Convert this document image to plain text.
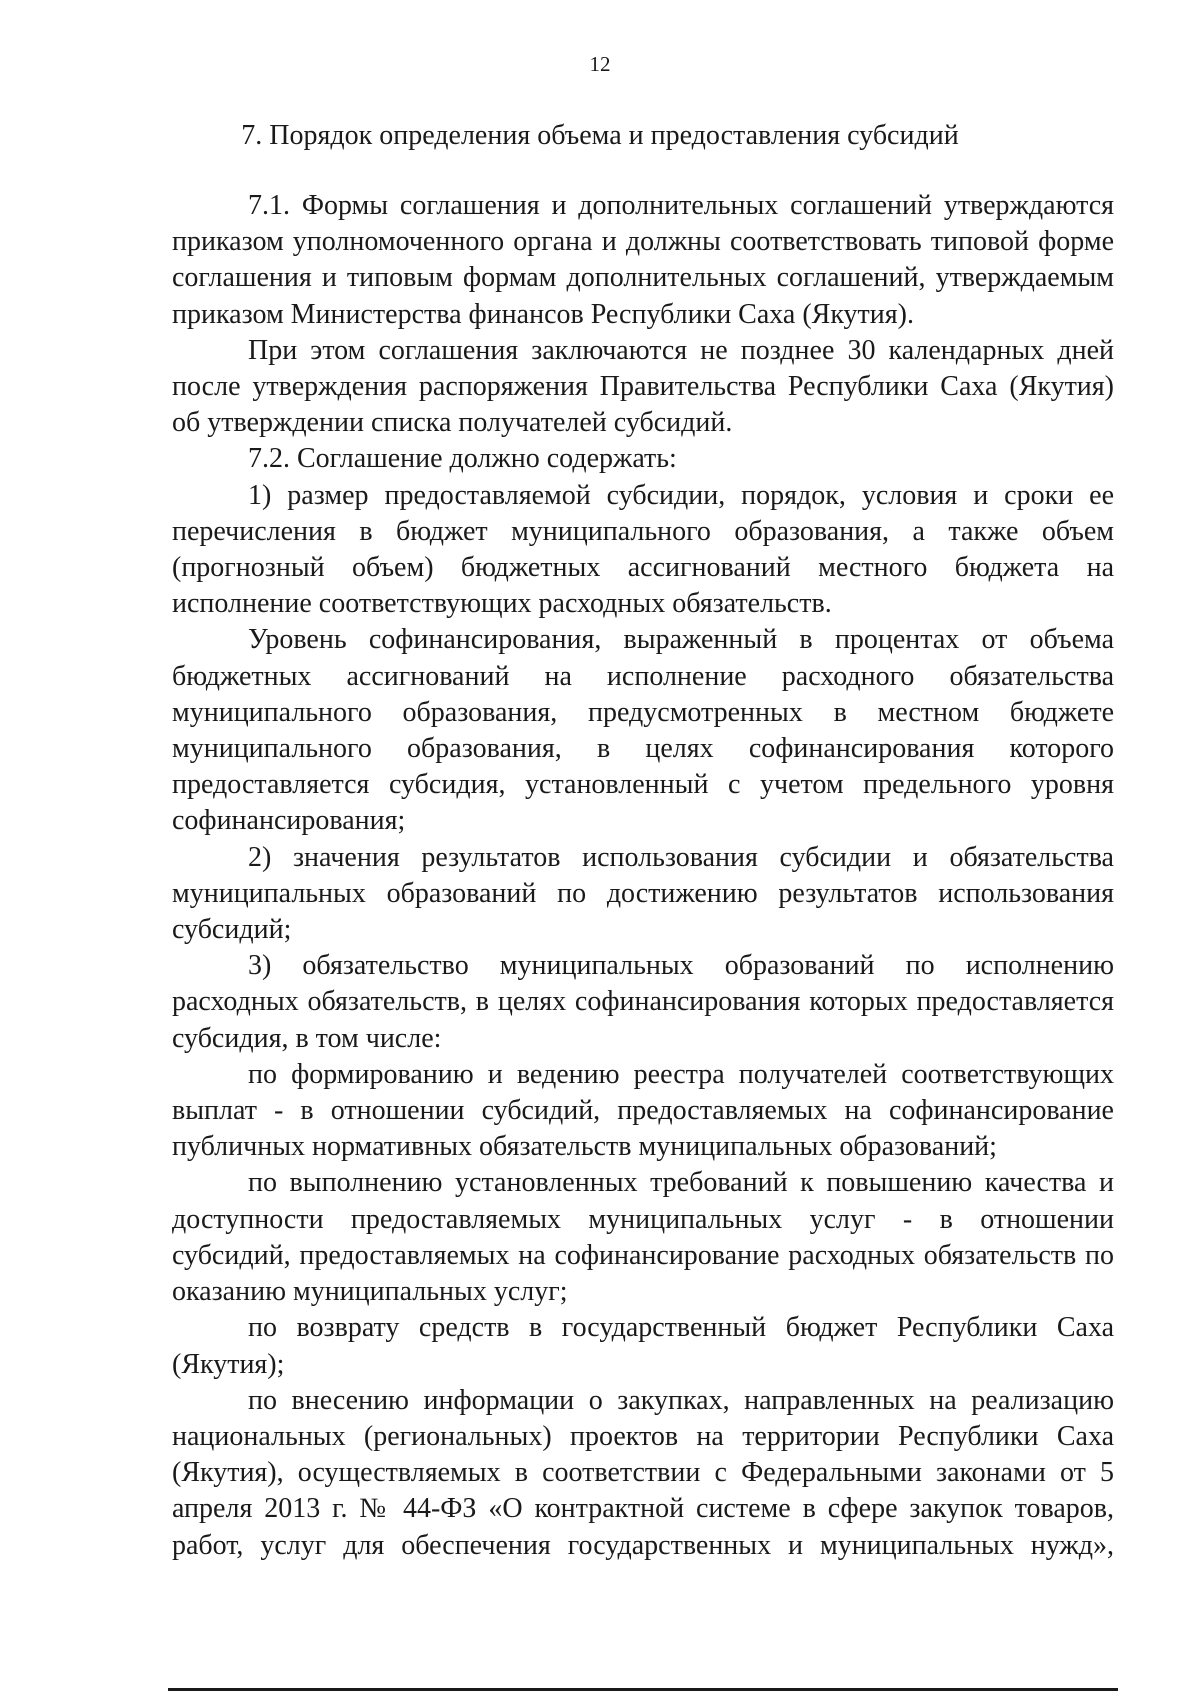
12
7. Порядок определения объема и предоставления субсидий

7.1. Формы соглашения и дополнительных соглашений утверждаются приказом уполномоченного органа и должны соответствовать типовой форме соглашения и типовым формам дополнительных соглашений, утверждаемым приказом Министерства финансов Республики Саха (Якутия).

При этом соглашения заключаются не позднее 30 календарных дней после утверждения распоряжения Правительства Республики Саха (Якутия) об утверждении списка получателей субсидий.

7.2. Соглашение должно содержать:

1) размер предоставляемой субсидии, порядок, условия и сроки ее перечисления в бюджет муниципального образования, а также объем (прогнозный объем) бюджетных ассигнований местного бюджета на исполнение соответствующих расходных обязательств.

Уровень софинансирования, выраженный в процентах от объема бюджетных ассигнований на исполнение расходного обязательства муниципального образования, предусмотренных в местном бюджете муниципального образования, в целях софинансирования которого предоставляется субсидия, установленный с учетом предельного уровня софинансирования;

2) значения результатов использования субсидии и обязательства муниципальных образований по достижению результатов использования субсидий;

3) обязательство муниципальных образований по исполнению расходных обязательств, в целях софинансирования которых предоставляется субсидия, в том числе:

по формированию и ведению реестра получателей соответствующих выплат - в отношении субсидий, предоставляемых на софинансирование публичных нормативных обязательств муниципальных образований;

по выполнению установленных требований к повышению качества и доступности предоставляемых муниципальных услуг - в отношении субсидий, предоставляемых на софинансирование расходных обязательств по оказанию муниципальных услуг;

по возврату средств в государственный бюджет Республики Саха (Якутия);

по внесению информации о закупках, направленных на реализацию национальных (региональных) проектов на территории Республики Саха (Якутия), осуществляемых в соответствии с Федеральными законами от 5 апреля 2013 г. № 44-ФЗ «О контрактной системе в сфере закупок товаров, работ, услуг для обеспечения государственных и муниципальных нужд»,
